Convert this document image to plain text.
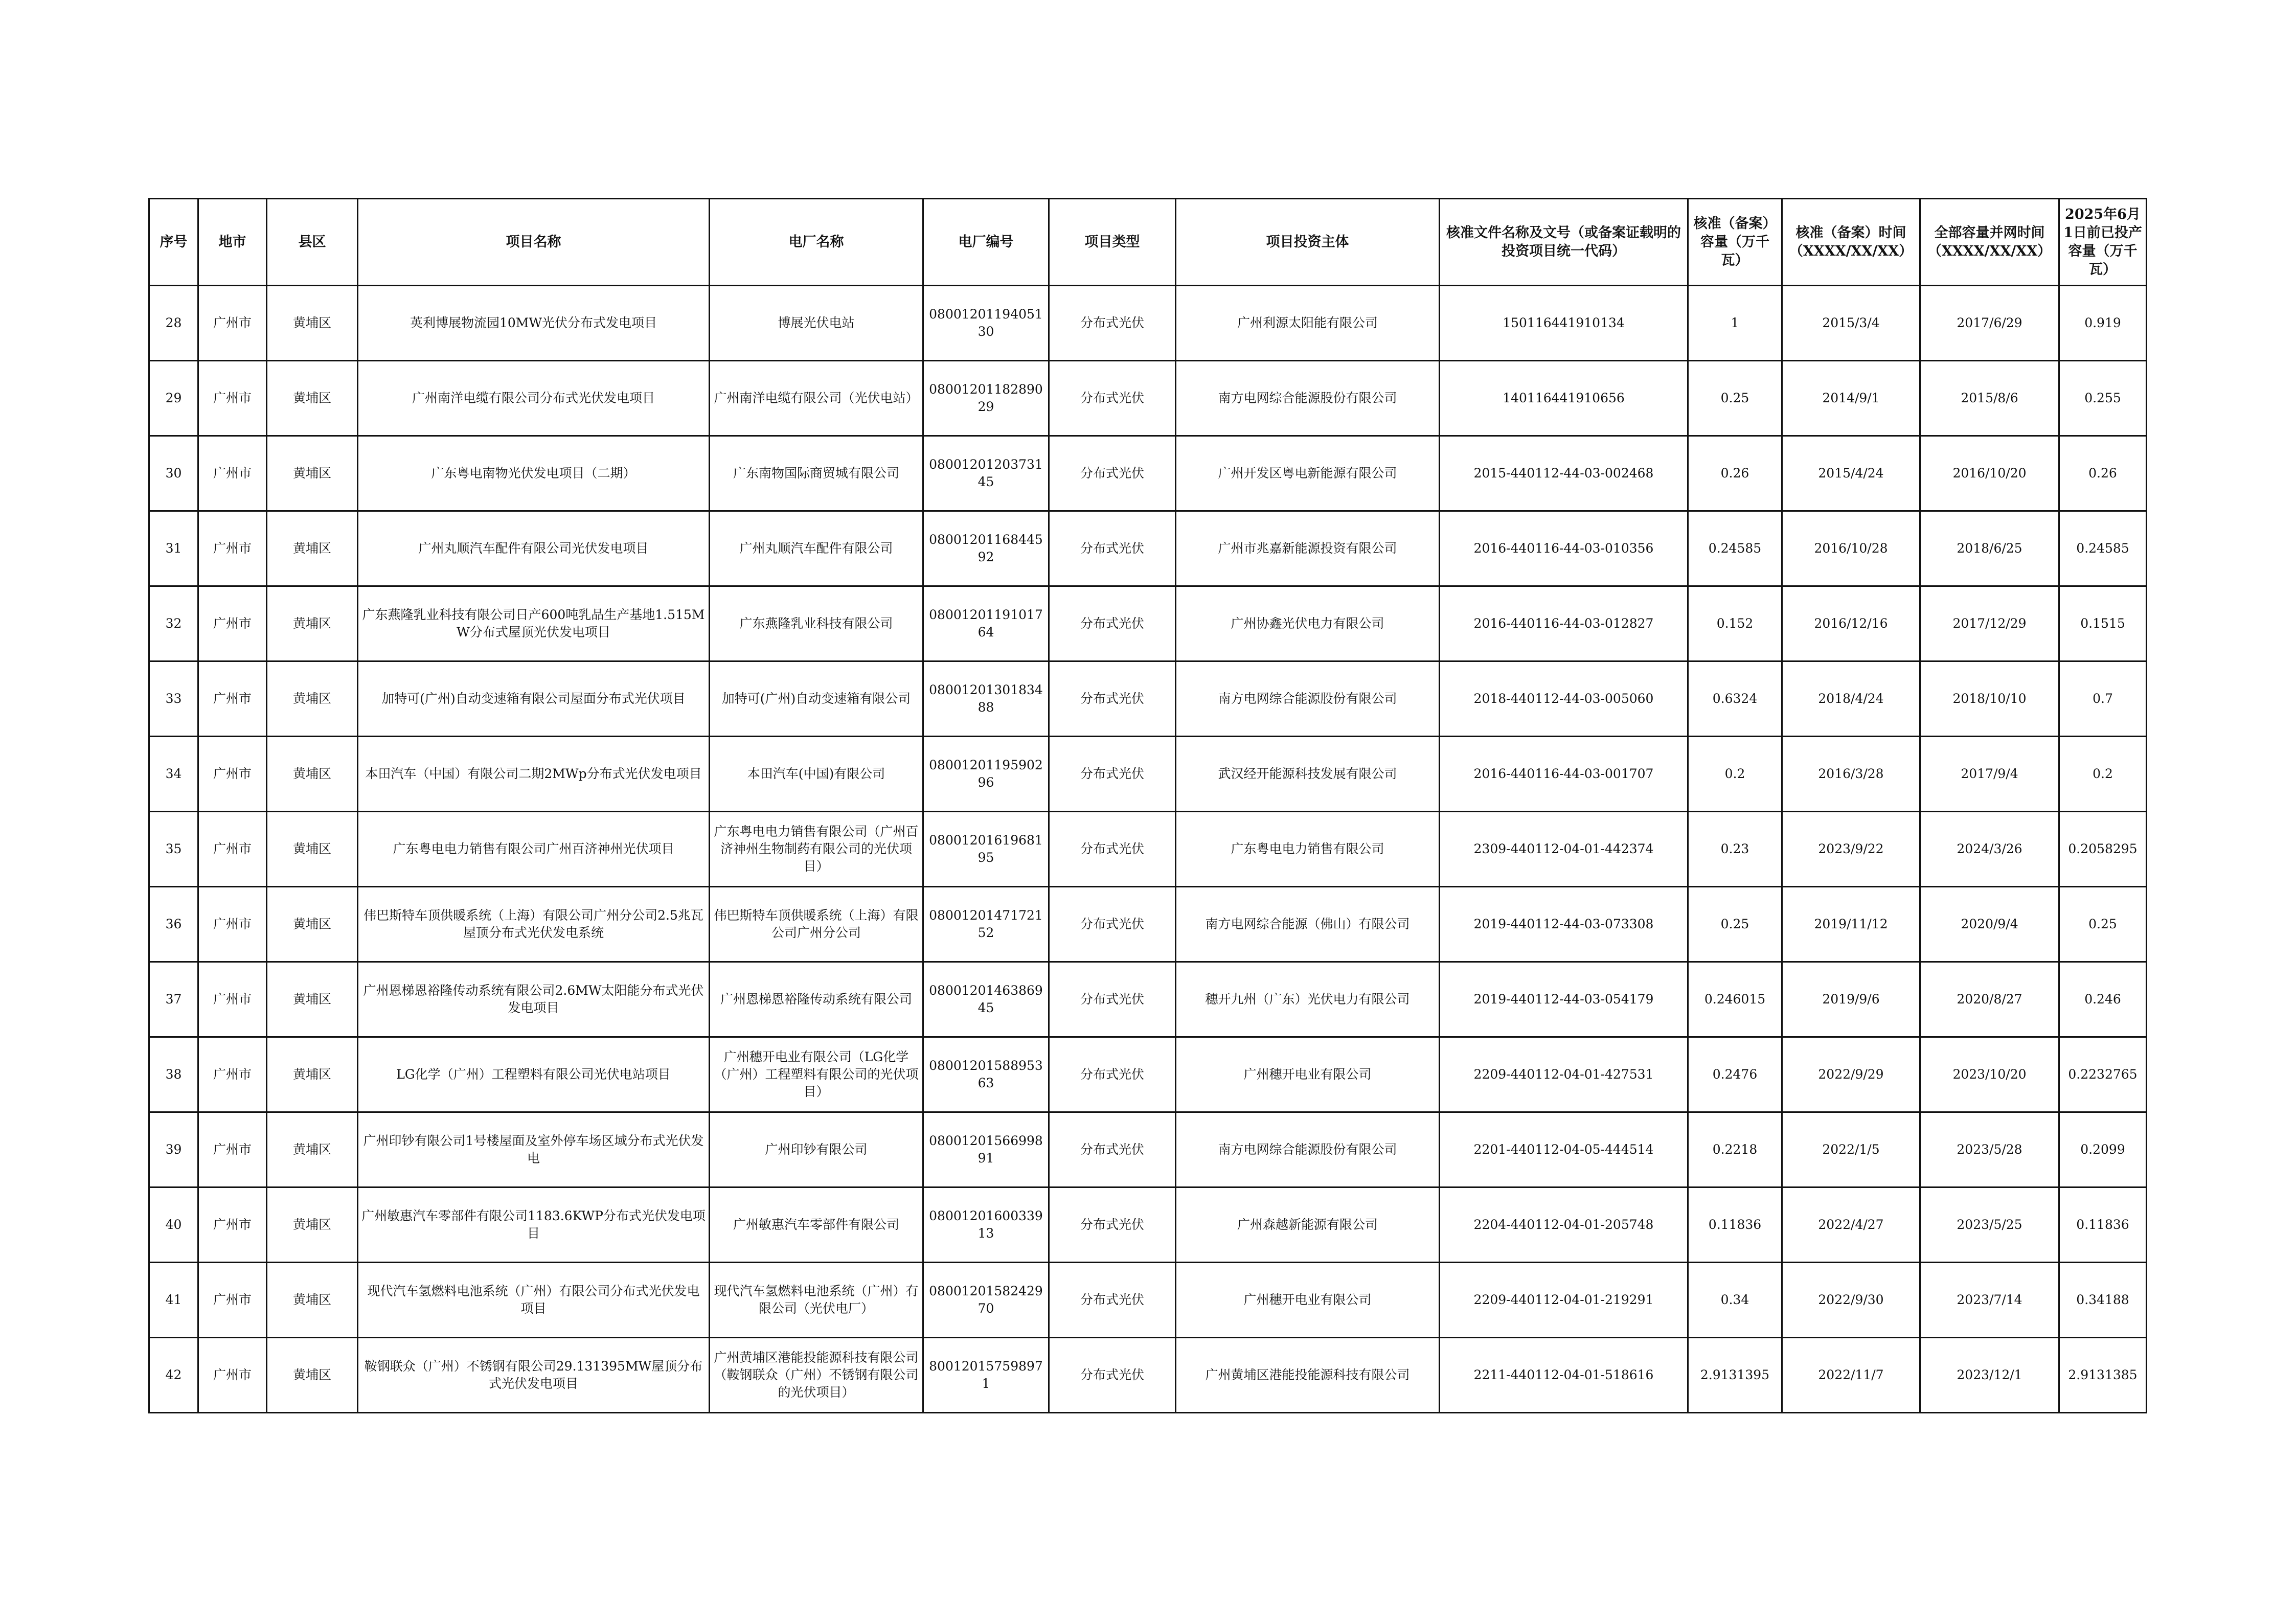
序号	地市	县区	项目名称	电厂名称	电厂编号	项目类型	项目投资主体	核准文件名称及文号（或备案证载明的投资项目统一代码）	核准（备案）容量（万千瓦）	核准（备案）时间（XXXX/XX/XX）	全部容量并网时间（XXXX/XX/XX）	2025年6月1日前已投产容量（万千瓦）
28	广州市	黄埔区	英利博展物流园10MW光伏分布式发电项目	博展光伏电站	0800120119405130	分布式光伏	广州利源太阳能有限公司	150116441910134	1	2015/3/4	2017/6/29	0.919
29	广州市	黄埔区	广州南洋电缆有限公司分布式光伏发电项目	广州南洋电缆有限公司（光伏电站）	0800120118289029	分布式光伏	南方电网综合能源股份有限公司	140116441910656	0.25	2014/9/1	2015/8/6	0.255
30	广州市	黄埔区	广东粤电南物光伏发电项目（二期）	广东南物国际商贸城有限公司	0800120120373145	分布式光伏	广州开发区粤电新能源有限公司	2015-440112-44-03-002468	0.26	2015/4/24	2016/10/20	0.26
31	广州市	黄埔区	广州丸顺汽车配件有限公司光伏发电项目	广州丸顺汽车配件有限公司	0800120116844592	分布式光伏	广州市兆嘉新能源投资有限公司	2016-440116-44-03-010356	0.24585	2016/10/28	2018/6/25	0.24585
32	广州市	黄埔区	广东燕隆乳业科技有限公司日产600吨乳品生产基地1.515MW分布式屋顶光伏发电项目	广东燕隆乳业科技有限公司	0800120119101764	分布式光伏	广州协鑫光伏电力有限公司	2016-440116-44-03-012827	0.152	2016/12/16	2017/12/29	0.1515
33	广州市	黄埔区	加特可(广州)自动变速箱有限公司屋面分布式光伏项目	加特可(广州)自动变速箱有限公司	0800120130183488	分布式光伏	南方电网综合能源股份有限公司	2018-440112-44-03-005060	0.6324	2018/4/24	2018/10/10	0.7
34	广州市	黄埔区	本田汽车（中国）有限公司二期2MWp分布式光伏发电项目	本田汽车(中国)有限公司	0800120119590296	分布式光伏	武汉经开能源科技发展有限公司	2016-440116-44-03-001707	0.2	2016/3/28	2017/9/4	0.2
35	广州市	黄埔区	广东粤电电力销售有限公司广州百济神州光伏项目	广东粤电电力销售有限公司（广州百济神州生物制药有限公司的光伏项目）	0800120161968195	分布式光伏	广东粤电电力销售有限公司	2309-440112-04-01-442374	0.23	2023/9/22	2024/3/26	0.2058295
36	广州市	黄埔区	伟巴斯特车顶供暖系统（上海）有限公司广州分公司2.5兆瓦屋顶分布式光伏发电系统	伟巴斯特车顶供暖系统（上海）有限公司广州分公司	0800120147172152	分布式光伏	南方电网综合能源（佛山）有限公司	2019-440112-44-03-073308	0.25	2019/11/12	2020/9/4	0.25
37	广州市	黄埔区	广州恩梯恩裕隆传动系统有限公司2.6MW太阳能分布式光伏发电项目	广州恩梯恩裕隆传动系统有限公司	0800120146386945	分布式光伏	穗开九州（广东）光伏电力有限公司	2019-440112-44-03-054179	0.246015	2019/9/6	2020/8/27	0.246
38	广州市	黄埔区	LG化学（广州）工程塑料有限公司光伏电站项目	广州穗开电业有限公司（LG化学（广州）工程塑料有限公司的光伏项目）	0800120158895363	分布式光伏	广州穗开电业有限公司	2209-440112-04-01-427531	0.2476	2022/9/29	2023/10/20	0.2232765
39	广州市	黄埔区	广州印钞有限公司1号楼屋面及室外停车场区域分布式光伏发电	广州印钞有限公司	0800120156699891	分布式光伏	南方电网综合能源股份有限公司	2201-440112-04-05-444514	0.2218	2022/1/5	2023/5/28	0.2099
40	广州市	黄埔区	广州敏惠汽车零部件有限公司1183.6KWP分布式光伏发电项目	广州敏惠汽车零部件有限公司	0800120160033913	分布式光伏	广州森越新能源有限公司	2204-440112-04-01-205748	0.11836	2022/4/27	2023/5/25	0.11836
41	广州市	黄埔区	现代汽车氢燃料电池系统（广州）有限公司分布式光伏发电项目	现代汽车氢燃料电池系统（广州）有限公司（光伏电厂）	0800120158242970	分布式光伏	广州穗开电业有限公司	2209-440112-04-01-219291	0.34	2022/9/30	2023/7/14	0.34188
42	广州市	黄埔区	鞍钢联众（广州）不锈钢有限公司29.131395MW屋顶分布式光伏发电项目	广州黄埔区港能投能源科技有限公司（鞍钢联众（广州）不锈钢有限公司的光伏项目）	800120157598971	分布式光伏	广州黄埔区港能投能源科技有限公司	2211-440112-04-01-518616	2.9131395	2022/11/7	2023/12/1	2.9131385
